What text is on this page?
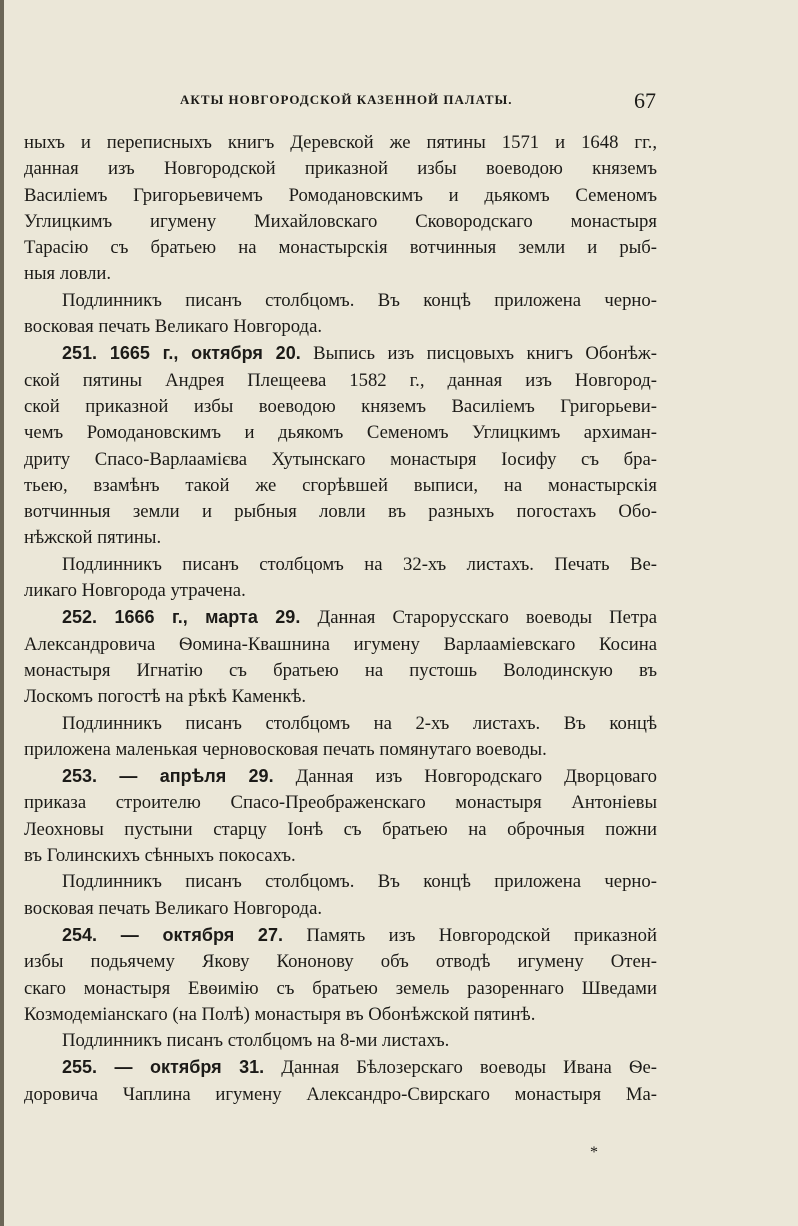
АКТЫ НОВГОРОДСКОЙ КАЗЕННОЙ ПАЛАТЫ.	67

ныхъ и переписныхъ книгъ Деревской же пятины 1571 и 1648 гг.,

данная изъ Новгородской приказной избы воеводою княземъ

Василіемъ Григорьевичемъ Ромодановскимъ и дьякомъ Семеномъ

Углицкимъ игумену Михайловскаго Сковородскаго монастыря

Тарасію съ братьею на монастырскія вотчинныя земли и рыб-

ныя ловли.

Подлинникъ писанъ столбцомъ. Въ концѣ приложена черно-

восковая печать Великаго Новгорода.

251. 1665 г., октября 20. Выпись изъ писцовыхъ книгъ Обонѣж-

ской пятины Андрея Плещеева 1582 г., данная изъ Новгород-

ской приказной избы воеводою княземъ Василіемъ Григорьеви-

чемъ Ромодановскимъ и дьякомъ Семеномъ Углицкимъ архиман-

дриту Спасо-Варлаамієва Хутынскаго монастыря Іосифу съ бра-

тьею, взамѣнъ такой же сгорѣвшей выписи, на монастырскія

вотчинныя земли и рыбныя ловли въ разныхъ погостахъ Обо-

нѣжской пятины.

Подлинникъ писанъ столбцомъ на 32-хъ листахъ. Печать Ве-

ликаго Новгорода утрачена.

252. 1666 г., марта 29. Данная Старорусскаго воеводы Петра

Александровича Ѳомина-Квашнина игумену Варлааміевскаго Косина

монастыря Игнатію съ братьею на пустошь Володинскую въ

Лоскомъ погостѣ на рѣкѣ Каменкѣ.

Подлинникъ писанъ столбцомъ на 2-хъ листахъ. Въ концѣ

приложена маленькая черновосковая печать помянутаго воеводы.

253. — апрѣля 29. Данная изъ Новгородскаго Дворцоваго

приказа строителю Спасо-Преображенскаго монастыря Антоніевы

Леохновы пустыни старцу Іонѣ съ братьею на оброчныя пожни

въ Голинскихъ сѣнныхъ покосахъ.

Подлинникъ писанъ столбцомъ. Въ концѣ приложена черно-

восковая печать Великаго Новгорода.

254. — октября 27. Память изъ Новгородской приказной

избы подьячему Якову Кононову объ отводѣ игумену Отен-

скаго монастыря Евѳимію съ братьею земель разореннаго Шведами

Козмодеміанскаго (на Полѣ) монастыря въ Обонѣжской пятинѣ.

Подлинникъ писанъ столбцомъ на 8-ми листахъ.

255. — октября 31. Данная Бѣлозерскаго воеводы Ивана Ѳе-

доровича Чаплина игумену Александро-Свирскаго монастыря Ма-

*
